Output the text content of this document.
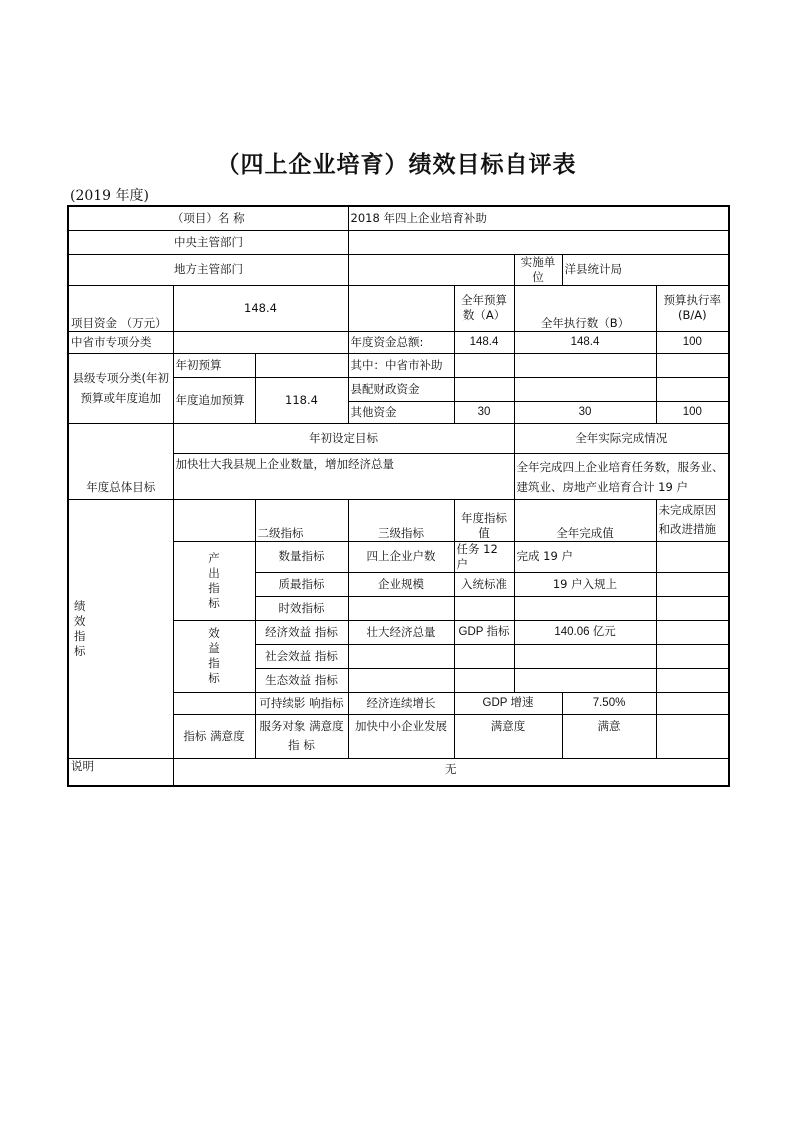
（四上企业培育）绩效目标自评表
(2019 年度)
（项目）名 称			2018 年四上企业培育补助				
中央主管部门							
地方主管部门					实施单位	洋县统计局	
项目资金 （万元）	148.4			全年预算数（A）	全年执行数（B）		预算执行率(B/A)
中省市专项分类			年度资金总额:	148.4	148.4		100
县级专项分类(年初预算或年度追加	年初预算		其中：中省市补助				
	年度追加预算	118.4	县配财政资金				
			其他资金	30	30		100
年度总体目标	年初设定目标				全年实际完成情况		
	加快壮大我县规上企业数量，增加经济总量				全年完成四上企业培育任务数，服务业、建筑业、房地产业培育合计 19 户		

绩效指标		二级指标	三级指标	年度指标值	全年完成值		未完成原因和改进措施

	产出指标	数量指标	四上企业户数	任务 12 户	完成 19 户		
		质最指标	企业规模	入统标准	19 户入规上		
		时效指标					

	效益指标	经济效益 指标	壮大经济总量	GDP 指标	140.06 亿元		
		社会效益 指标					
		生态效益 指标					
		可持续影 响指标	经济连续增长	GDP 增速		7.50%	
	指标 满意度	服务对象 满意度指 标	加快中小企业发展	满意度		满意	

说明	无						
